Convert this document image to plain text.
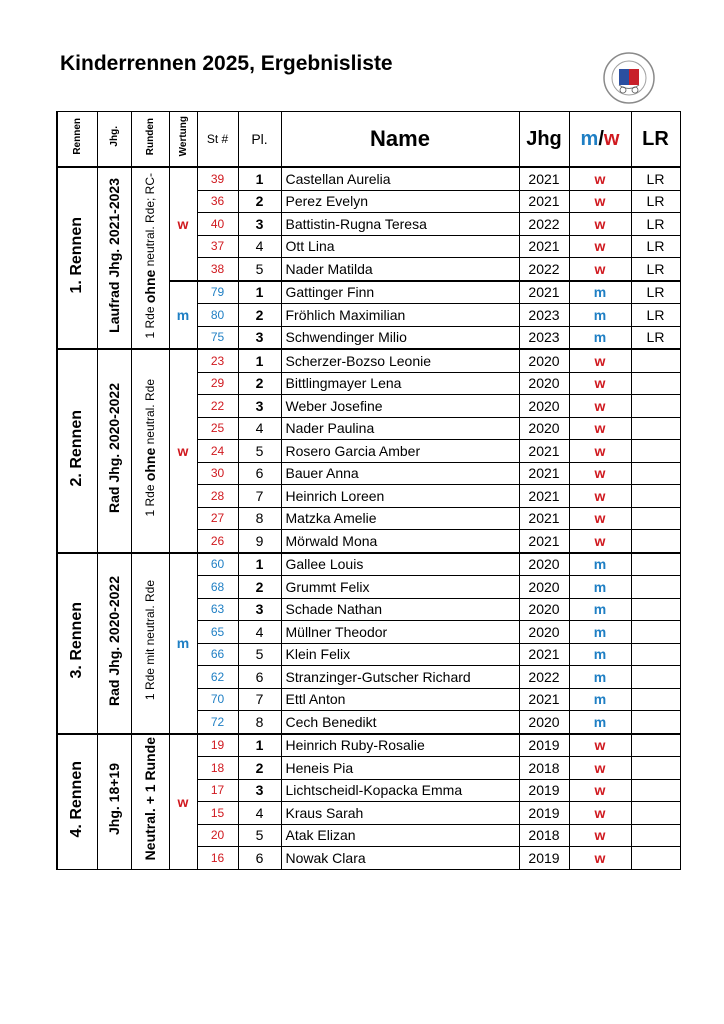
Kinderrennen 2025, Ergebnisliste
Rennen	Jhg.	Runden	Wertung	St #	Pl.	Name	Jhg	m/w	LR
1. Rennen	Laufrad Jhg. 2021-2023	1 Rde ohne neutral. Rde; RC-	w	39	1	Castellan Aurelia	2021	w	LR
				36	2	Perez Evelyn	2021	w	LR
				40	3	Battistin-Rugna Teresa	2022	w	LR
				37	4	Ott Lina	2021	w	LR
				38	5	Nader Matilda	2022	w	LR
			m	79	1	Gattinger Finn	2021	m	LR
				80	2	Fröhlich Maximilian	2023	m	LR
				75	3	Schwendinger Milio	2023	m	LR
2. Rennen	Rad Jhg. 2020-2022	1 Rde ohne neutral. Rde	w	23	1	Scherzer-Bozso Leonie	2020	w	
				29	2	Bittlingmayer Lena	2020	w	
				22	3	Weber Josefine	2020	w	
				25	4	Nader Paulina	2020	w	
				24	5	Rosero Garcia Amber	2021	w	
				30	6	Bauer Anna	2021	w	
				28	7	Heinrich Loreen	2021	w	
				27	8	Matzka Amelie	2021	w	
				26	9	Mörwald Mona	2021	w	
3. Rennen	Rad Jhg. 2020-2022	1 Rde mit neutral. Rde	m	60	1	Gallee Louis	2020	m	
				68	2	Grummt Felix	2020	m	
				63	3	Schade Nathan	2020	m	
				65	4	Müllner Theodor	2020	m	
				66	5	Klein Felix	2021	m	
				62	6	Stranzinger-Gutscher Richard	2022	m	
				70	7	Ettl Anton	2021	m	
				72	8	Cech Benedikt	2020	m	
4. Rennen	Jhg. 18+19	Neutral. + 1 Runde	w	19	1	Heinrich Ruby-Rosalie	2019	w	
				18	2	Heneis Pia	2018	w	
				17	3	Lichtscheidl-Kopacka Emma	2019	w	
				15	4	Kraus Sarah	2019	w	
				20	5	Atak Elizan	2018	w	
				16	6	Nowak Clara	2019	w	
